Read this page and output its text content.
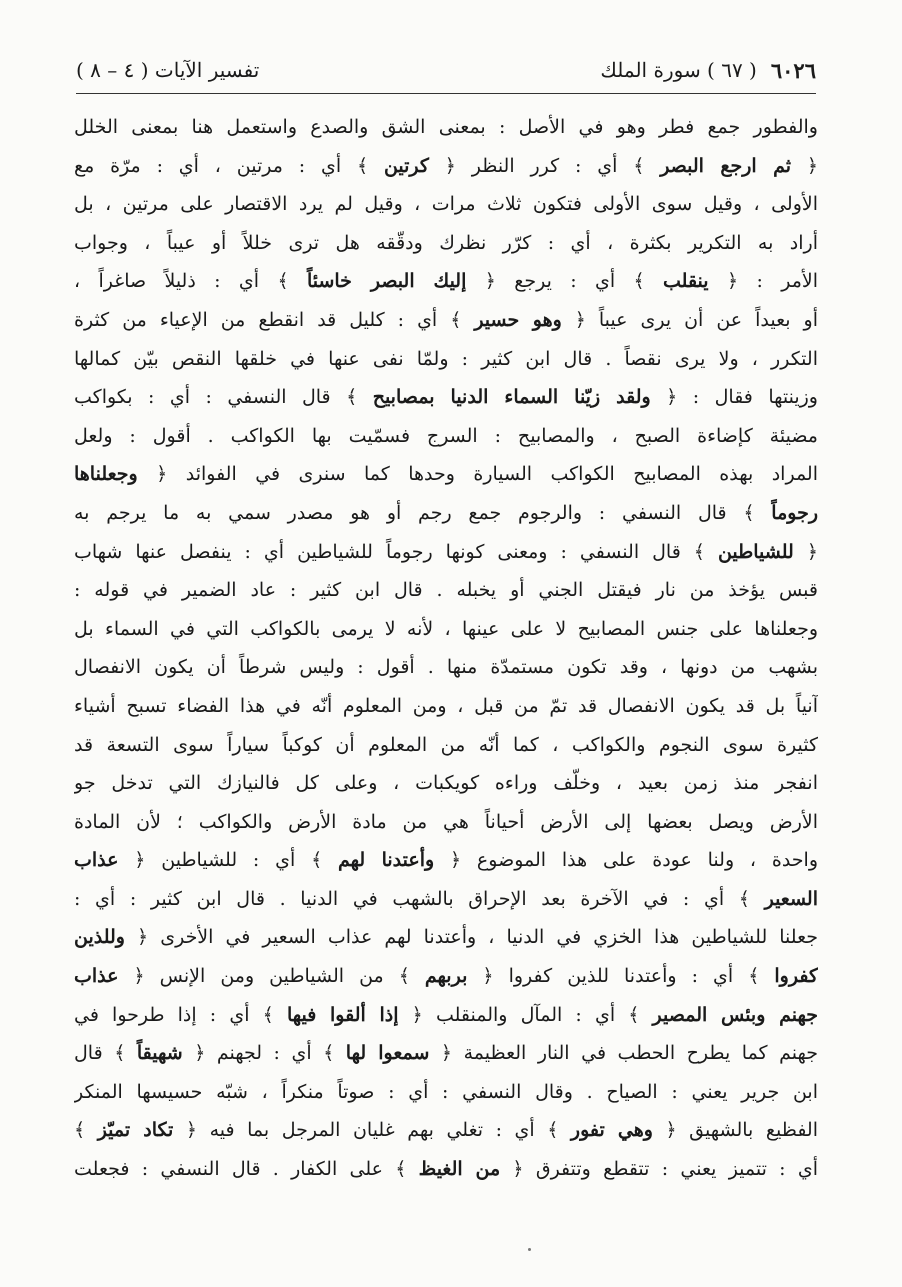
٦٠٢٦
( ٦٧ ) سورة الملك
تفسير الآيات ( ٤ – ٨ )
والفطور جمع فطر وهو في الأصل : بمعنى الشق والصدع واستعمل هنا بمعنى الخلل
﴿ ثم ارجع البصر ﴾ أي : كرر النظر ﴿ كرتين ﴾ أي : مرتين ، أي : مرّة مع
الأولى ، وقيل سوى الأولى فتكون ثلاث مرات ، وقيل لم يرد الاقتصار على مرتين ، بل
أراد به التكرير بكثرة ، أي : كرّر نظرك ودقّقه هل ترى خللاً أو عيباً ، وجواب
الأمر : ﴿ ينقلب ﴾ أي : يرجع ﴿ إليك البصر خاسئاً ﴾ أي : ذليلاً صاغراً ،
أو بعيداً عن أن يرى عيباً ﴿ وهو حسير ﴾ أي : كليل قد انقطع من الإعياء من كثرة
التكرر ، ولا يرى نقصاً . قال ابن كثير : ولمّا نفى عنها في خلقها النقص بيّن كمالها
وزينتها فقال : ﴿ ولقد زيّنا السماء الدنيا بمصابيح ﴾ قال النسفي : أي : بكواكب
مضيئة كإضاءة الصبح ، والمصابيح : السرج فسمّيت بها الكواكب . أقول : ولعل
المراد بهذه المصابيح الكواكب السيارة وحدها كما سنرى في الفوائد ﴿ وجعلناها
رجوماً ﴾ قال النسفي : والرجوم جمع رجم أو هو مصدر سمي به ما يرجم به
﴿ للشياطين ﴾ قال النسفي : ومعنى كونها رجوماً للشياطين أي : ينفصل عنها شهاب
قبس يؤخذ من نار فيقتل الجني أو يخبله . قال ابن كثير : عاد الضمير في قوله :
وجعلناها على جنس المصابيح لا على عينها ، لأنه لا يرمى بالكواكب التي في السماء بل
بشهب من دونها ، وقد تكون مستمدّة منها . أقول : وليس شرطاً أن يكون الانفصال
آنياً بل قد يكون الانفصال قد تمّ من قبل ، ومن المعلوم أنّه في هذا الفضاء تسبح أشياء
كثيرة سوى النجوم والكواكب ، كما أنّه من المعلوم أن كوكباً سياراً سوى التسعة قد
انفجر منذ زمن بعيد ، وخلّف وراءه كويكبات ، وعلى كل فالنيازك التي تدخل جو
الأرض ويصل بعضها إلى الأرض أحياناً هي من مادة الأرض والكواكب ؛ لأن المادة
واحدة ، ولنا عودة على هذا الموضوع ﴿ وأعتدنا لهم ﴾ أي : للشياطين ﴿ عذاب
السعير ﴾ أي : في الآخرة بعد الإحراق بالشهب في الدنيا . قال ابن كثير : أي :
جعلنا للشياطين هذا الخزي في الدنيا ، وأعتدنا لهم عذاب السعير في الأخرى ﴿ وللذين
كفروا ﴾ أي : وأعتدنا للذين كفروا ﴿ بربهم ﴾ من الشياطين ومن الإنس ﴿ عذاب
جهنم وبئس المصير ﴾ أي : المآل والمنقلب ﴿ إذا ألقوا فيها ﴾ أي : إذا طرحوا في
جهنم كما يطرح الحطب في النار العظيمة ﴿ سمعوا لها ﴾ أي : لجهنم ﴿ شهيقاً ﴾ قال
ابن جرير يعني : الصياح . وقال النسفي : أي : صوتاً منكراً ، شبّه حسيسها المنكر
الفظيع بالشهيق ﴿ وهي تفور ﴾ أي : تغلي بهم غليان المرجل بما فيه ﴿ تكاد تميّز ﴾
أي : تتميز يعني : تتقطع وتتفرق ﴿ من الغيظ ﴾ على الكفار . قال النسفي : فجعلت
